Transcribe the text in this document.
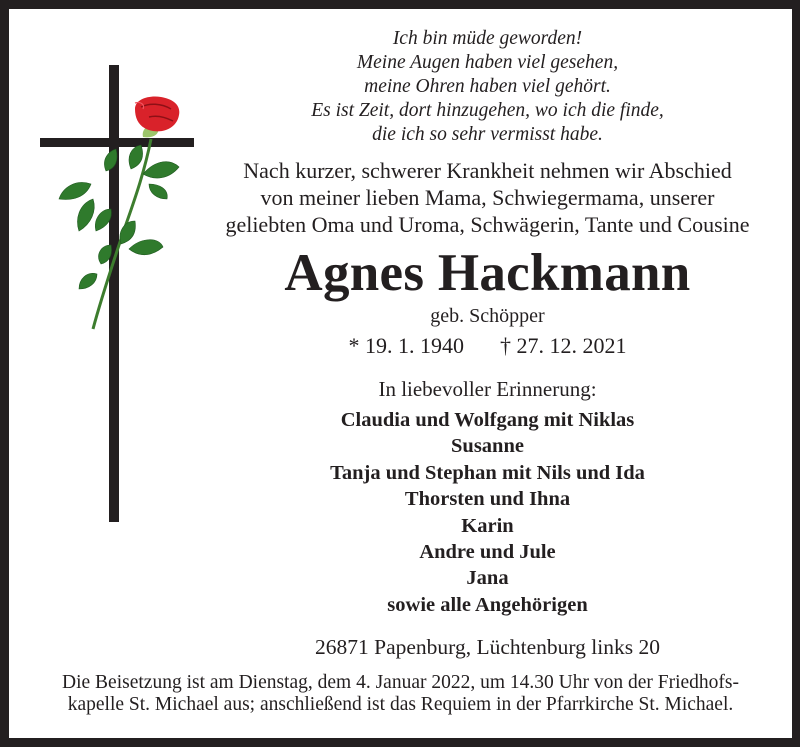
Ich bin müde geworden!
Meine Augen haben viel gesehen,
meine Ohren haben viel gehört.
Es ist Zeit, dort hinzugehen, wo ich die finde,
die ich so sehr vermisst habe.
Nach kurzer, schwerer Krankheit nehmen wir Abschied
von meiner lieben Mama, Schwiegermama, unserer
geliebten Oma und Uroma, Schwägerin, Tante und Cousine
Agnes Hackmann
geb. Schöpper
* 19. 1. 1940 † 27. 12. 2021
In liebevoller Erinnerung:
Claudia und Wolfgang mit Niklas
Susanne
Tanja und Stephan mit Nils und Ida
Thorsten und Ihna
Karin
Andre und Jule
Jana
sowie alle Angehörigen
26871 Papenburg, Lüchtenburg links 20
Die Beisetzung ist am Dienstag, dem 4. Januar 2022, um 14.30 Uhr von der Friedhofs-
kapelle St. Michael aus; anschließend ist das Requiem in der Pfarrkirche St. Michael.
